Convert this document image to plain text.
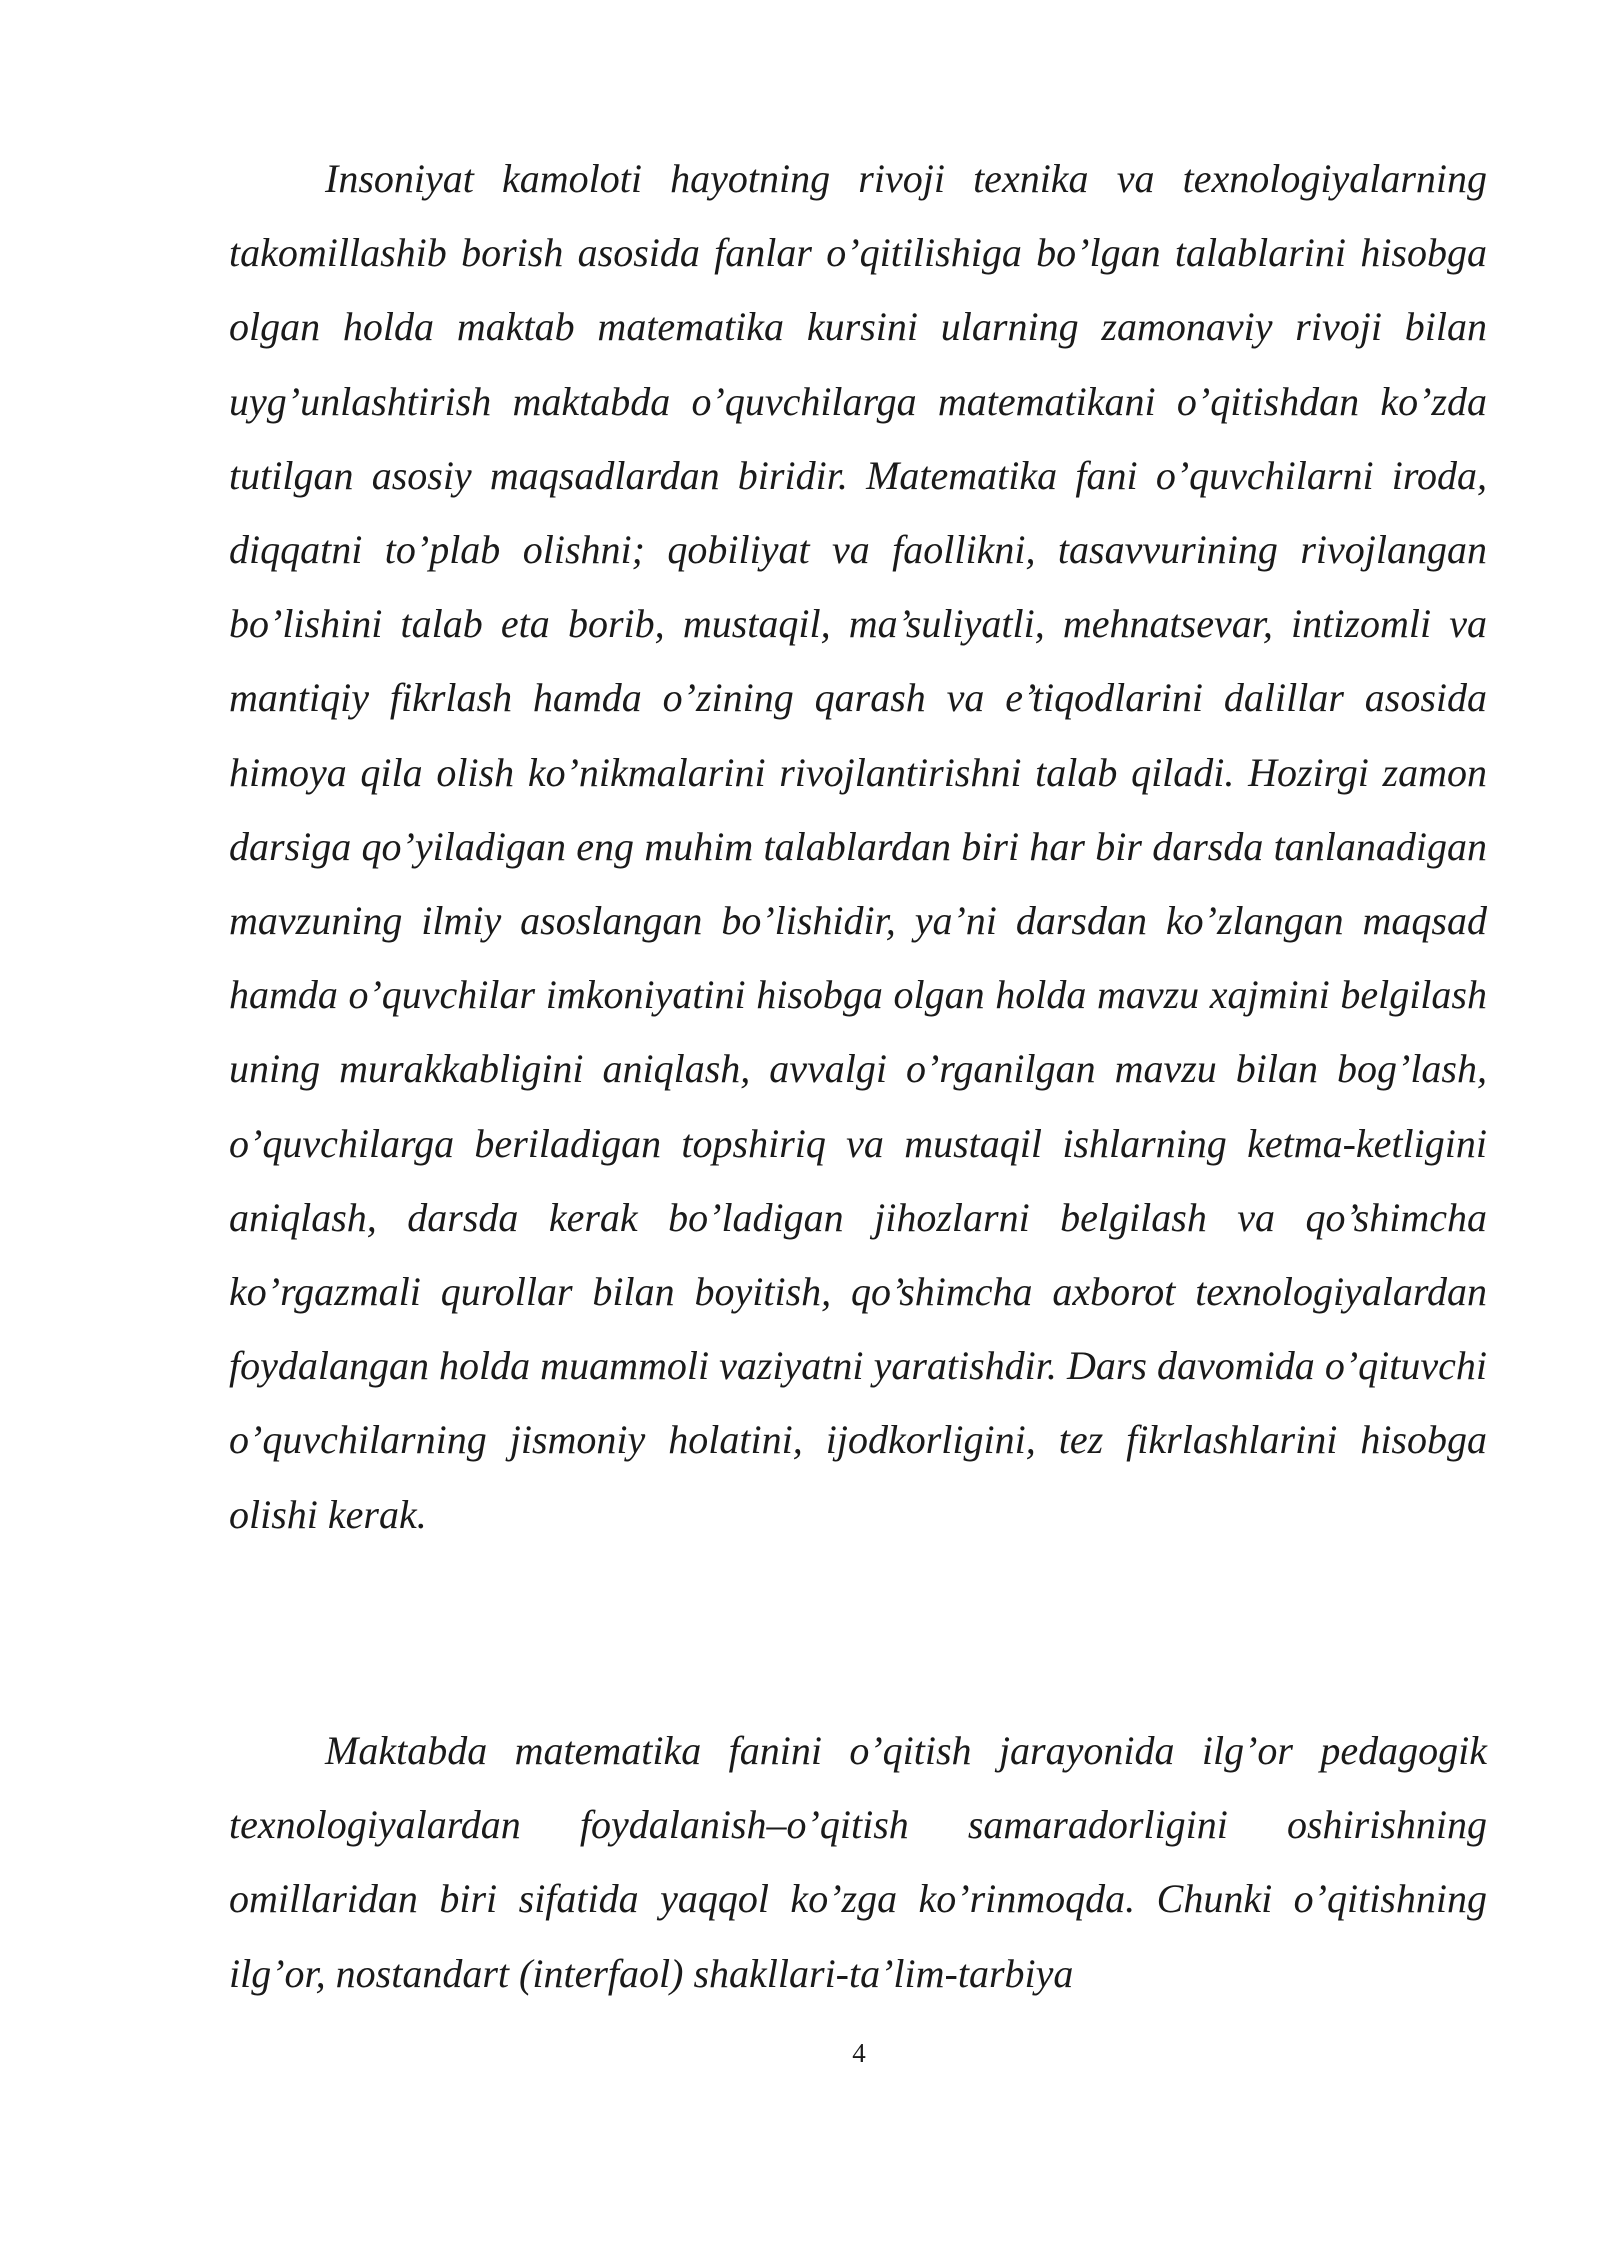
Insoniyat kamoloti hayotning rivoji texnika va texnologiyalarning takomillashib borish asosida fanlar o’qitilishiga bo’lgan talablarini hisobga olgan holda maktab matematika kursini ularning zamonaviy rivoji bilan uyg’unlashtirish maktabda o’quvchilarga matematikani o’qitishdan ko’zda tutilgan asosiy maqsadlardan biridir. Matematika fani o’quvchilarni iroda, diqqatni to’plab olishni; qobiliyat va faollikni, tasavvurining rivojlangan bo’lishini talab eta borib, mustaqil, ma’suliyatli, mehnatsevar, intizomli va mantiqiy fikrlash hamda o’zining qarash va e’tiqodlarini dalillar asosida himoya qila olish ko’nikmalarini rivojlantirishni talab qiladi. Hozirgi zamon darsiga qo’yiladigan eng muhim talablardan biri har bir darsda tanlanadigan mavzuning ilmiy asoslangan bo’lishidir, ya’ni darsdan ko’zlangan maqsad hamda o’quvchilar imkoniyatini hisobga olgan holda mavzu xajmini belgilash uning murakkabligini aniqlash, avvalgi o’rganilgan mavzu bilan bog’lash, o’quvchilarga beriladigan topshiriq va mustaqil ishlarning ketma-ketligini aniqlash, darsda kerak bo’ladigan jihozlarni belgilash va qo’shimcha ko’rgazmali qurollar bilan boyitish, qo’shimcha axborot texnologiyalardan foydalangan holda muammoli vaziyatni yaratishdir. Dars davomida o’qituvchi o’quvchilarning jismoniy holatini, ijodkorligini, tez fikrlashlarini hisobga olishi kerak.

Maktabda matematika fanini o’qitish jarayonida ilg’or pedagogik texnologiyalardan foydalanish–o’qitish samaradorligini oshirishning omillaridan biri sifatida yaqqol ko’zga ko’rinmoqda. Chunki o’qitishning ilg’or, nostandart (interfaol) shakllari-ta’lim-tarbiya

4
